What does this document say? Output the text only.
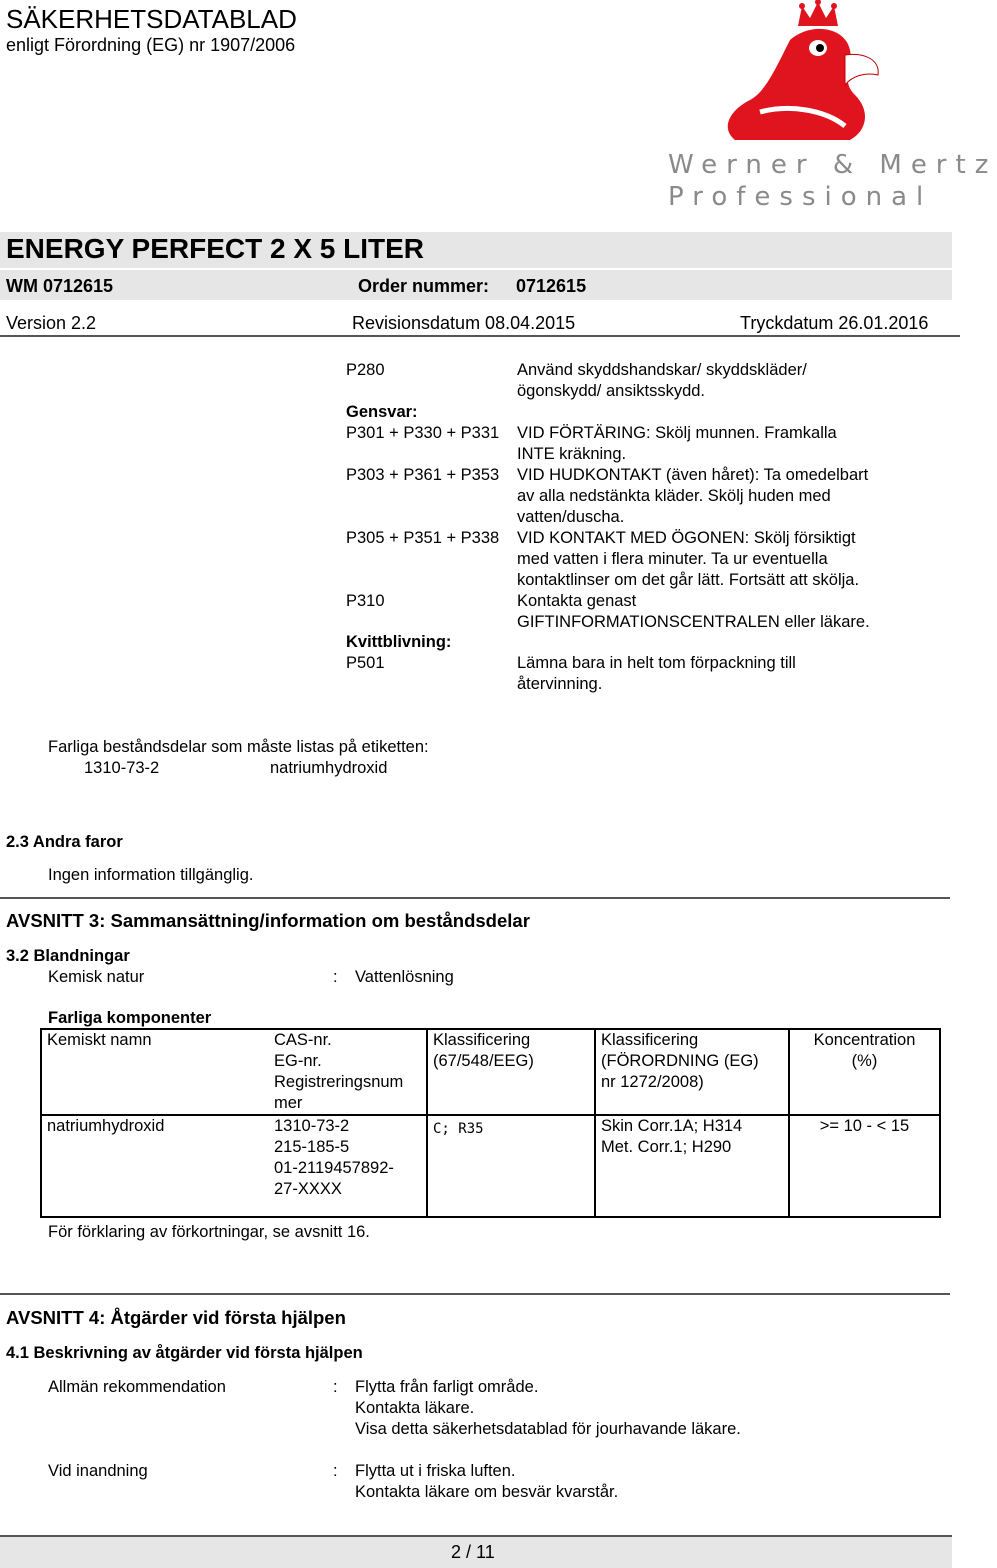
SÄKERHETSDATABLAD
enligt Förordning (EG) nr 1907/2006
Werner & Mertz
Professional
ENERGY PERFECT 2 X 5 LITER
WM 0712615	Order nummer: 0712615
Version 2.2	Revisionsdatum 08.04.2015	Tryckdatum 26.01.2016
P280	Använd skyddshandskar/ skyddskläder/
ögonskydd/ ansiktsskydd.
Gensvar:
P301 + P330 + P331 VID FÖRTÄRING: Skölj munnen. Framkalla
INTE kräkning.
P303 + P361 + P353 VID HUDKONTAKT (även håret): Ta omedelbart
av alla nedstänkta kläder. Skölj huden med
vatten/duscha.
P305 + P351 + P338 VID KONTAKT MED ÖGONEN: Skölj försiktigt
med vatten i flera minuter. Ta ur eventuella
kontaktlinser om det går lätt. Fortsätt att skölja.
P310	Kontakta genast
GIFTINFORMATIONSCENTRALEN eller läkare.
Kvittblivning:
P501	Lämna bara in helt tom förpackning till
återvinning.
Farliga beståndsdelar som måste listas på etiketten:
1310-73-2	natriumhydroxid
2.3 Andra faror
Ingen information tillgänglig.
AVSNITT 3: Sammansättning/information om beståndsdelar
3.2 Blandningar
Kemisk natur	: Vattenlösning
Farliga komponenter
Kemiskt namn	CAS-nr.
EG-nr.
Registreringsnum
mer	Klassificering
(67/548/EEG)	Klassificering
(FÖRORDNING (EG)
nr 1272/2008)	Koncentration
(%)

natriumhydroxid	1310-73-2
215-185-5
01-2119457892-
27-XXXX	C; R35	Skin Corr.1A; H314
Met. Corr.1; H290	>= 10 - < 15
För förklaring av förkortningar, se avsnitt 16.
AVSNITT 4: Åtgärder vid första hjälpen
4.1 Beskrivning av åtgärder vid första hjälpen
Allmän rekommendation	: Flytta från farligt område.
Kontakta läkare.
Visa detta säkerhetsdatablad för jourhavande läkare.
Vid inandning	: Flytta ut i friska luften.
Kontakta läkare om besvär kvarstår.
2 / 11
